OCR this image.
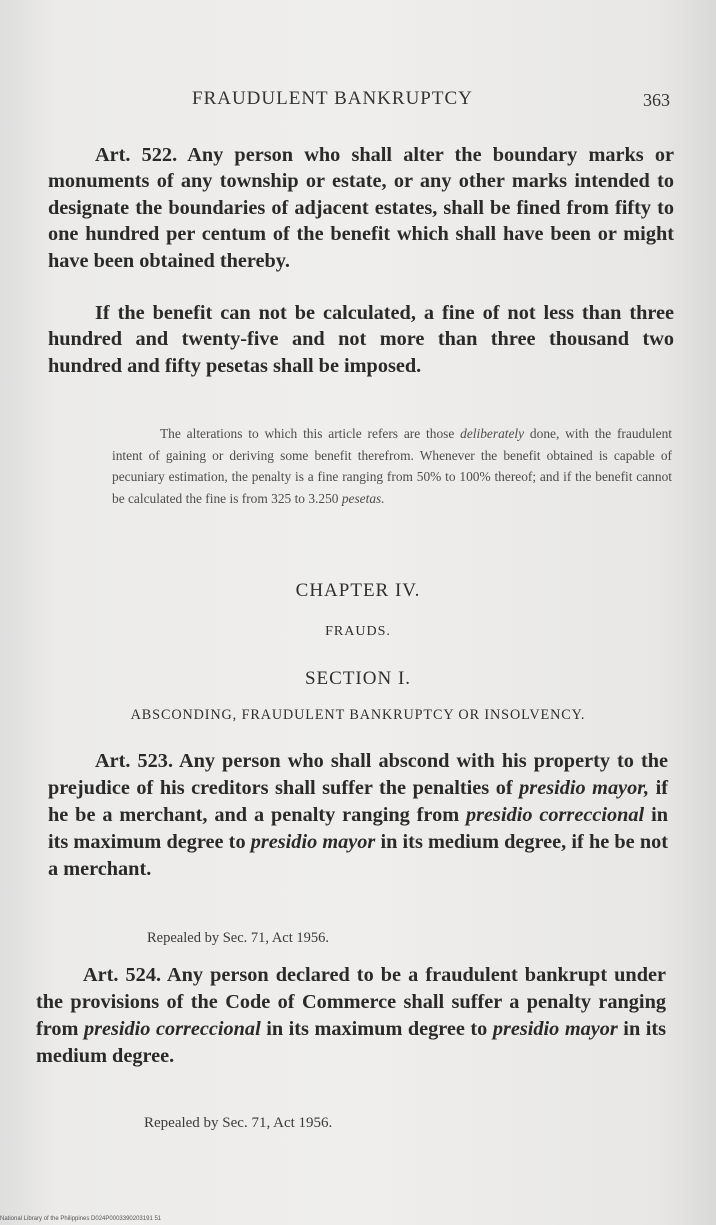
FRAUDULENT BANKRUPTCY	363
Art. 522. Any person who shall alter the boundary marks or monuments of any township or estate, or any other marks intended to designate the boundaries of adjacent estates, shall be fined from fifty to one hundred per centum of the benefit which shall have been or might have been obtained thereby.
If the benefit can not be calculated, a fine of not less than three hundred and twenty-five and not more than three thousand two hundred and fifty pesetas shall be imposed.
The alterations to which this article refers are those deliberately done, with the fraudulent intent of gaining or deriving some benefit therefrom. Whenever the benefit obtained is capable of pecuniary estimation, the penalty is a fine ranging from 50% to 100% thereof; and if the benefit cannot be calculated the fine is from 325 to 3.250 pesetas.
CHAPTER IV.
FRAUDS.
SECTION I.
ABSCONDING, FRAUDULENT BANKRUPTCY OR INSOLVENCY.
Art. 523. Any person who shall abscond with his property to the prejudice of his creditors shall suffer the penalties of presidio mayor, if he be a merchant, and a penalty ranging from presidio correccional in its maximum degree to presidio mayor in its medium degree, if he be not a merchant.
Repealed by Sec. 71, Act 1956.
Art. 524. Any person declared to be a fraudulent bankrupt under the provisions of the Code of Commerce shall suffer a penalty ranging from presidio correccional in its maximum degree to presidio mayor in its medium degree.
Repealed by Sec. 71, Act 1956.
National Library of the Philippines D024P0003390203191 51
